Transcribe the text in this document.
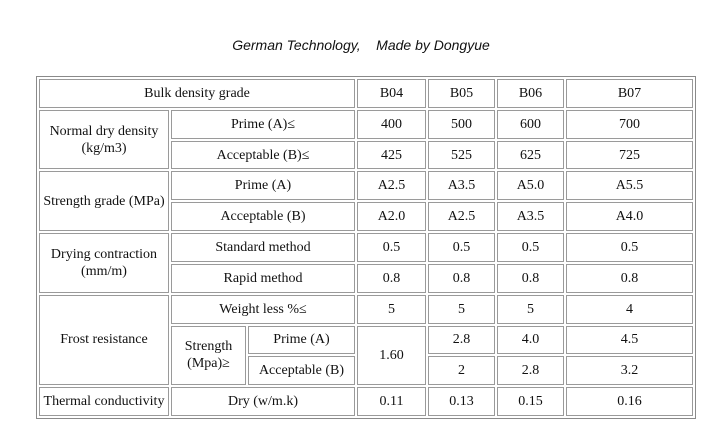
German Technology,    Made by Dongyue
Bulk density grade			B04	B05	B06	B07
Normal dry density (kg/m3)	Prime (A)≤		400	500	600	700
	Acceptable (B)≤		425	525	625	725
Strength grade (MPa)	Prime (A)		A2.5	A3.5	A5.0	A5.5
	Acceptable (B)		A2.0	A2.5	A3.5	A4.0
Drying contraction (mm/m)	Standard method		0.5	0.5	0.5	0.5
	Rapid method		0.8	0.8	0.8	0.8
Frost resistance	Weight less %≤		5	5	5	4
	Strength (Mpa)≥	Prime (A)	1.60	2.8	4.0	4.5
		Acceptable (B)		2	2.8	3.2
Thermal conductivity	Dry (w/m.k)		0.11	0.13	0.15	0.16
